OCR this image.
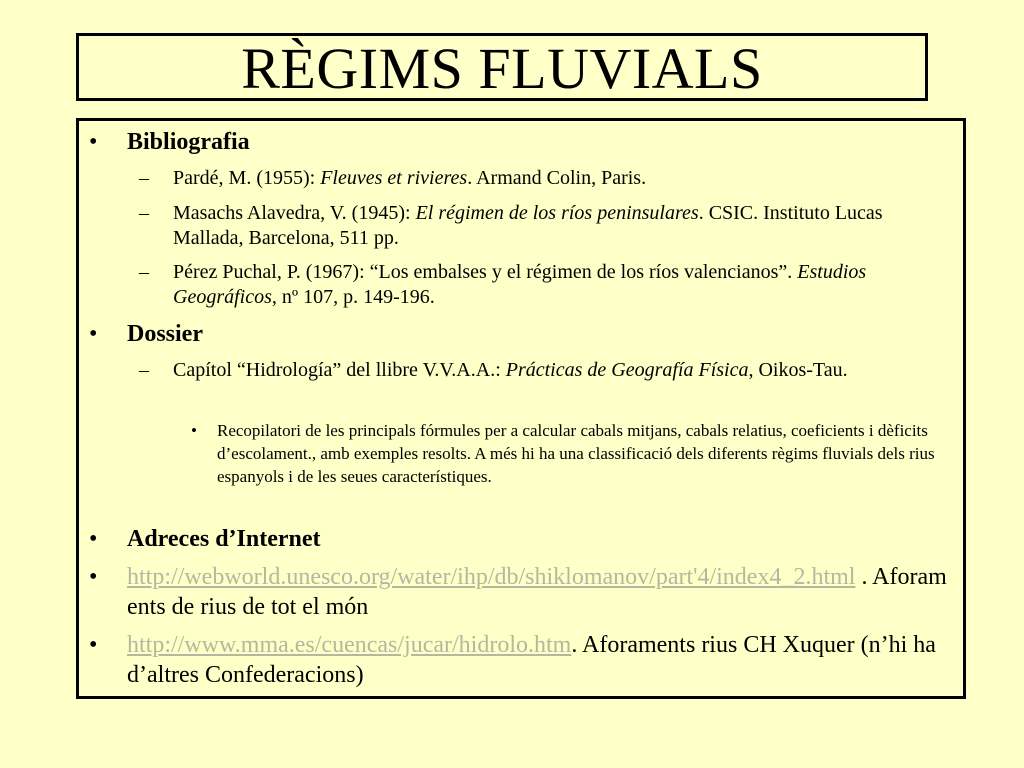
RÈGIMS FLUVIALS

•	Bibliografia

– Pardé, M. (1955): Fleuves et rivieres. Armand Colin, Paris.

– Masachs Alavedra, V. (1945): El régimen de los ríos peninsulares. CSIC. Instituto Lucas Mallada, Barcelona, 511 pp.

– Pérez Puchal, P. (1967): “Los embalses y el régimen de los ríos valencianos”. Estudios Geográficos, nº 107, p. 149-196.

•	Dossier

– Capítol “Hidrología” del llibre V.V.A.A.: Prácticas de Geografía Física, Oikos-Tau.

• Recopilatori de les principals fórmules per a calcular cabals mitjans, cabals relatius, coeficients i dèficits d’escolament., amb exemples resolts. A més hi ha una classificació dels diferents règims fluvials dels rius espanyols i de les seues característiques.

•	Adreces d’Internet

•	http://webworld.unesco.org/water/ihp/db/shiklomanov/part'4/index4_2.html . Aforaments de rius de tot el món

•	http://www.mma.es/cuencas/jucar/hidrolo.htm. Aforaments rius CH Xuquer (n’hi ha d’altres Confederacions)
